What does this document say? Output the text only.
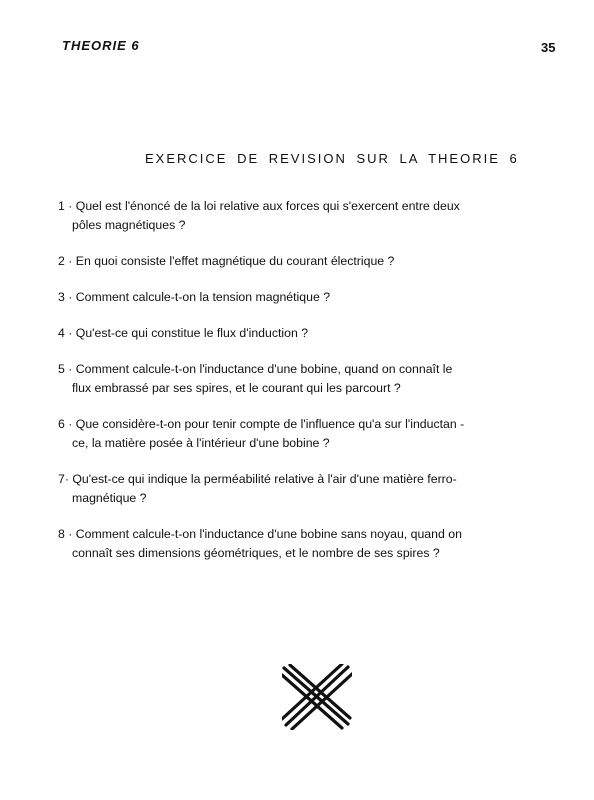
THEORIE 6	35
EXERCICE DE REVISION SUR LA THEORIE 6
1 · Quel est l'énoncé de la loi relative aux forces qui s'exercent entre deux
pôles magnétiques ?
2 · En quoi consiste l'effet magnétique du courant électrique ?
3 · Comment calcule-t-on la tension magnétique ?
4 · Qu'est-ce qui constitue le flux d'induction ?
5 · Comment calcule-t-on l'inductance d'une bobine, quand on connaît le
flux embrassé par ses spires, et le courant qui les parcourt ?
6 · Que considère-t-on pour tenir compte de l'influence qu'a sur l'inductan -
ce, la matière posée à l'intérieur d'une bobine ?
7· Qu'est-ce qui indique la perméabilité relative à l'air d'une matière ferro-
magnétique ?
8 · Comment calcule-t-on l'inductance d'une bobine sans noyau, quand on
connaît ses dimensions géométriques, et le nombre de ses spires ?
